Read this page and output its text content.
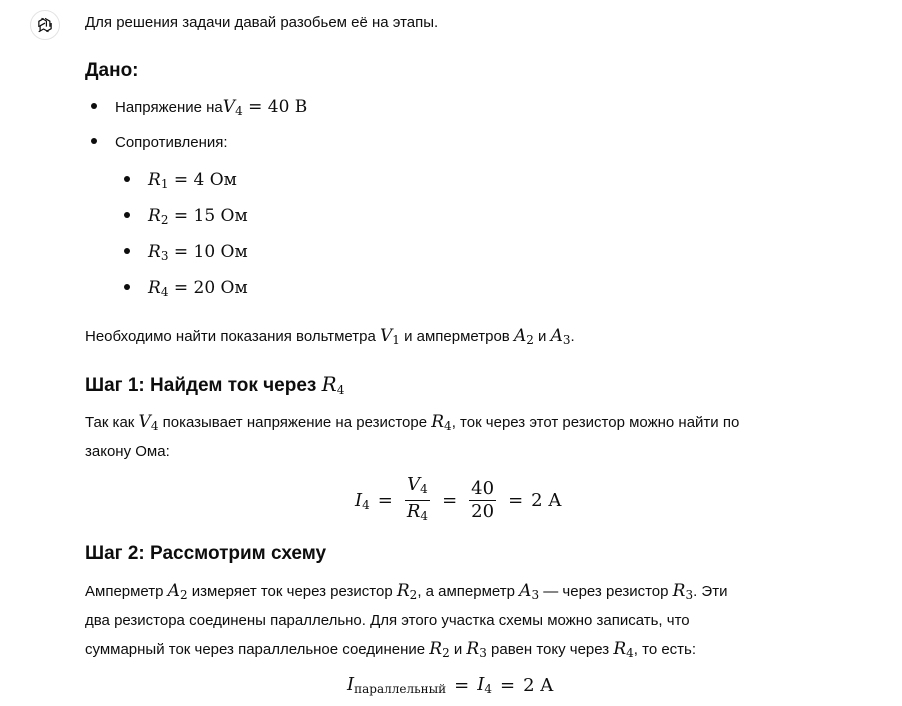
Для решения задачи давай разобьем её на этапы.
Дано:
Напряжение на $V_4 = 40$ В
Сопротивления:
$R_1 = 4$ Ом
$R_2 = 15$ Ом
$R_3 = 10$ Ом
$R_4 = 20$ Ом
Необходимо найти показания вольтметра $V_1$ и амперметров $A_2$ и $A_3$.
Шаг 1: Найдем ток через $R_4$
Так как $V_4$ показывает напряжение на резисторе $R_4$, ток через этот резистор можно найти по
закону Ома:
$I_4 = \frac{V_4}{R_4} = \frac{40}{20} = 2$ A
Шаг 2: Рассмотрим схему
Амперметр $A_2$ измеряет ток через резистор $R_2$, а амперметр $A_3$ — через резистор $R_3$. Эти
два резистора соединены параллельно. Для этого участка схемы можно записать, что
суммарный ток через параллельное соединение $R_2$ и $R_3$ равен току через $R_4$, то есть:
$I_{параллельный} = I_4 = 2$ A
